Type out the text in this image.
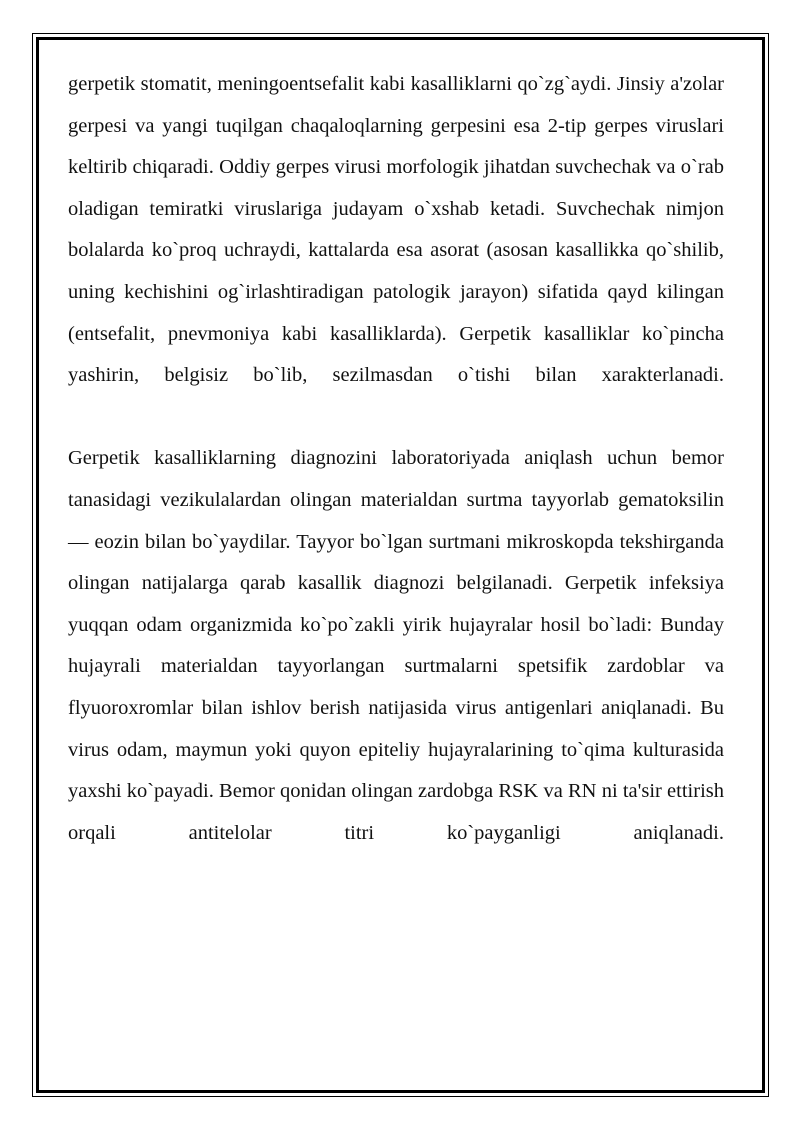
gerpetik stomatit, meningoentsefalit kabi kasalliklarni qo`zg`aydi. Jinsiy a'zolar gerpesi va yangi tuqilgan chaqaloqlarning gerpesini esa 2-tip gerpes viruslari keltirib chiqaradi. Oddiy gerpes virusi morfologik jihatdan suvchechak va o`rab oladigan temiratki viruslariga judayam o`xshab ketadi. Suvchechak nimjon bolalarda ko`proq uchraydi, kattalarda esa asorat (asosan kasallikka qo`shilib, uning kechishini og`irlashtiradigan patologik jarayon) sifatida qayd kilingan (entsefalit, pnevmoniya kabi kasalliklarda). Gerpetik kasalliklar ko`pincha yashirin, belgisiz bo`lib, sezilmasdan o`tishi bilan xarakterlanadi.

Gerpetik kasalliklarning diagnozini laboratoriyada aniqlash uchun bemor tanasidagi vezikulalardan olingan materialdan surtma tayyorlab gematoksilin — eozin bilan bo`yaydilar. Tayyor bo`lgan surtmani mikroskopda tekshirganda olingan natijalarga qarab kasallik diagnozi belgilanadi. Gerpetik infeksiya yuqqan odam organizmida ko`po`zakli yirik hujayralar hosil bo`ladi: Bunday hujayrali materialdan tayyorlangan surtmalarni spetsifik zardoblar va flyuoroxromlar bilan ishlov berish natijasida virus antigenlari aniqlanadi. Bu virus odam, maymun yoki quyon epiteliy hujayralarining to`qima kulturasida yaxshi ko`payadi. Bemor qonidan olingan zardobga RSK va RN ni ta'sir ettirish orqali antitelolar titri ko`payganligi aniqlanadi.
